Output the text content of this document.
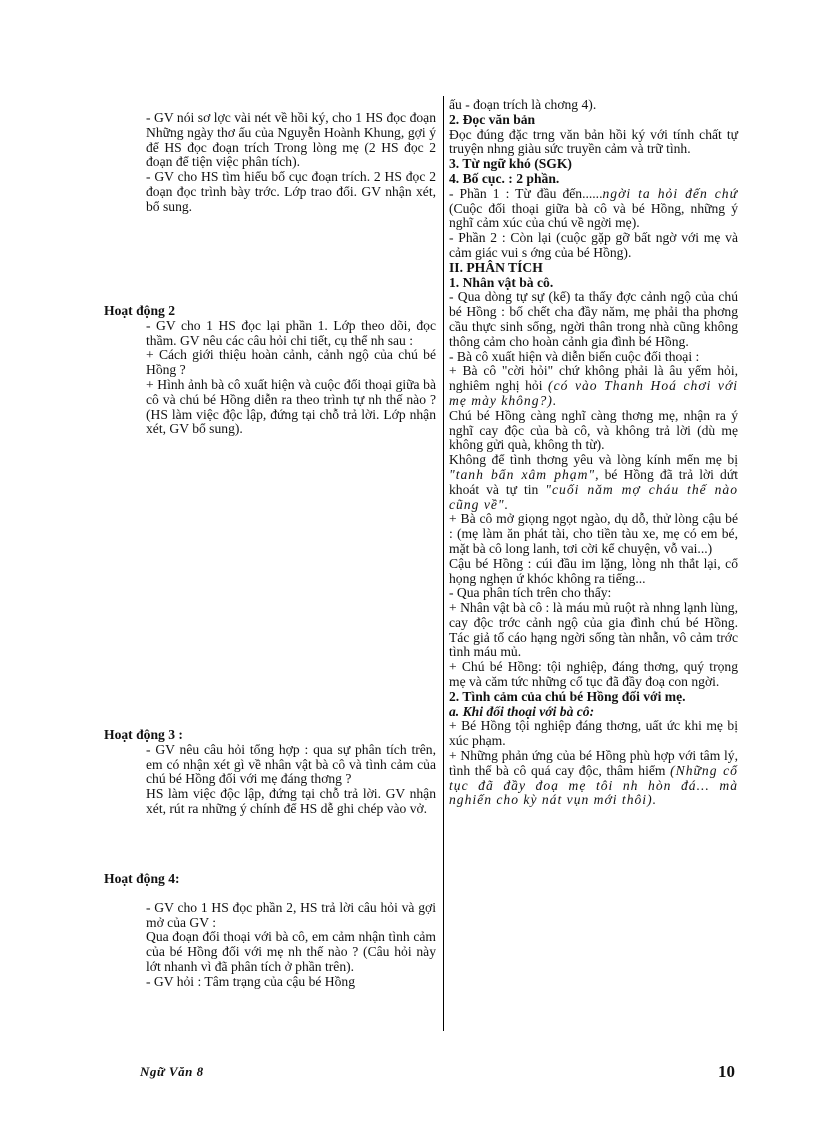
- GV nói sơ lợc vài nét về hồi ký, cho 1 HS đọc đoạn Những ngày thơ ấu của Nguyễn Hoành Khung, gợi ý để HS đọc đoạn trích Trong lòng mẹ (2 HS đọc 2 đoạn để tiện việc phân tích).

- GV cho HS tìm hiểu bố cục đoạn trích. 2 HS đọc 2 đoạn đọc trình bày trớc. Lớp trao đổi. GV nhận xét, bổ sung.

Hoạt động 2

- GV cho 1 HS đọc lại phần 1. Lớp theo dõi, đọc thầm. GV nêu các câu hỏi chi tiết, cụ thể nh sau :

+ Cách giới thiệu hoàn cảnh, cảnh ngộ của chú bé Hồng ?

+ Hình ảnh bà cô xuất hiện và cuộc đối thoại giữa bà cô và chú bé Hồng diễn ra theo trình tự nh thế nào ? (HS làm việc độc lập, đứng tại chỗ trả lời. Lớp nhận xét, GV bổ sung).

Hoạt động 3 :

- GV nêu câu hỏi tổng hợp : qua sự phân tích trên, em có nhận xét gì về nhân vật bà cô và tình cảm của chú bé Hồng đối với mẹ đáng thơng ?

HS làm việc độc lập, đứng tại chỗ trả lời. GV nhận xét, rút ra những ý chính để HS dễ ghi chép vào vở.

Hoạt động 4:

- GV cho 1 HS đọc phần 2, HS trả lời câu hỏi và gợi mở của GV :

Qua đoạn đối thoại với bà cô, em cảm nhận tình cảm của bé Hồng đối với mẹ nh thế nào ? (Câu hỏi này lớt nhanh vì đã phân tích ở phần trên).

- GV hỏi : Tâm trạng của cậu bé Hồng

ấu - đoạn trích là chơng 4).

2. Đọc văn bản

Đọc đúng đặc trng văn bản hồi ký với tính chất tự truyện nhng giàu sức truyền cảm và trữ tình.

3. Từ ngữ khó (SGK)

4. Bố cục. : 2 phần.

- Phần 1 : Từ đầu đến......ngời ta hỏi đến chứ (Cuộc đối thoại giữa bà cô và bé Hồng, những ý nghĩ cảm xúc của chú về ngời mẹ).

- Phần 2 : Còn lại (cuộc gặp gỡ bất ngờ với mẹ và cảm giác vui s ớng của bé Hồng).

II. PHÂN TÍCH

1. Nhân vật bà cô.

- Qua dòng tự sự (kể) ta thấy đợc cảnh ngộ của chú bé Hồng : bố chết cha đầy năm, mẹ phải tha phơng cầu thực sinh sống, ngời thân trong nhà cũng không thông cảm cho hoàn cảnh gia đình bé Hồng.

- Bà cô xuất hiện và diễn biến cuộc đối thoại :

+ Bà cô "cời hỏi" chứ không phải là âu yếm hỏi, nghiêm nghị hỏi (có vào Thanh Hoá chơi với mẹ mày không?).

Chú bé Hồng càng nghĩ càng thơng mẹ, nhận ra ý nghĩ cay độc của bà cô, và không trả lời (dù mẹ không gửi quà, không th từ).

Không để tình thơng yêu và lòng kính mến mẹ bị "tanh bẩn xâm phạm", bé Hồng đã trả lời dứt khoát và tự tin "cuối năm mợ cháu thế nào cũng về".

+ Bà cô mở giọng ngọt ngào, dụ dỗ, thử lòng cậu bé : (mẹ làm ăn phát tài, cho tiền tàu xe, mẹ có em bé, mặt bà cô long lanh, tơi cời kể chuyện, vỗ vai...)

Cậu bé Hồng : cúi đầu im lặng, lòng nh thắt lại, cổ họng nghẹn ứ khóc không ra tiếng...

- Qua phân tích trên cho thấy:

+ Nhân vật bà cô : là máu mủ ruột rà nhng lạnh lùng, cay độc trớc cảnh ngộ của gia đình chú bé Hồng. Tác giả tố cáo hạng ngời sống tàn nhẫn, vô cảm trớc tình máu mủ.

+ Chú bé Hồng: tội nghiệp, đáng thơng, quý trọng mẹ và căm tức những cổ tục đã đầy đoạ con ngời.

2. Tình cảm của chú bé Hồng đối với mẹ.

a. Khi đối thoại với bà cô:

+ Bé Hồng tội nghiệp đáng thơng, uất ức khi mẹ bị xúc phạm.

+ Những phản ứng của bé Hồng phù hợp với tâm lý, tình thế bà cô quá cay độc, thâm hiểm (Những cổ tục đã đầy đoạ mẹ tôi nh hòn đá... mà nghiến cho kỳ nát vụn mới thôi).

Ngữ Văn 8	10
